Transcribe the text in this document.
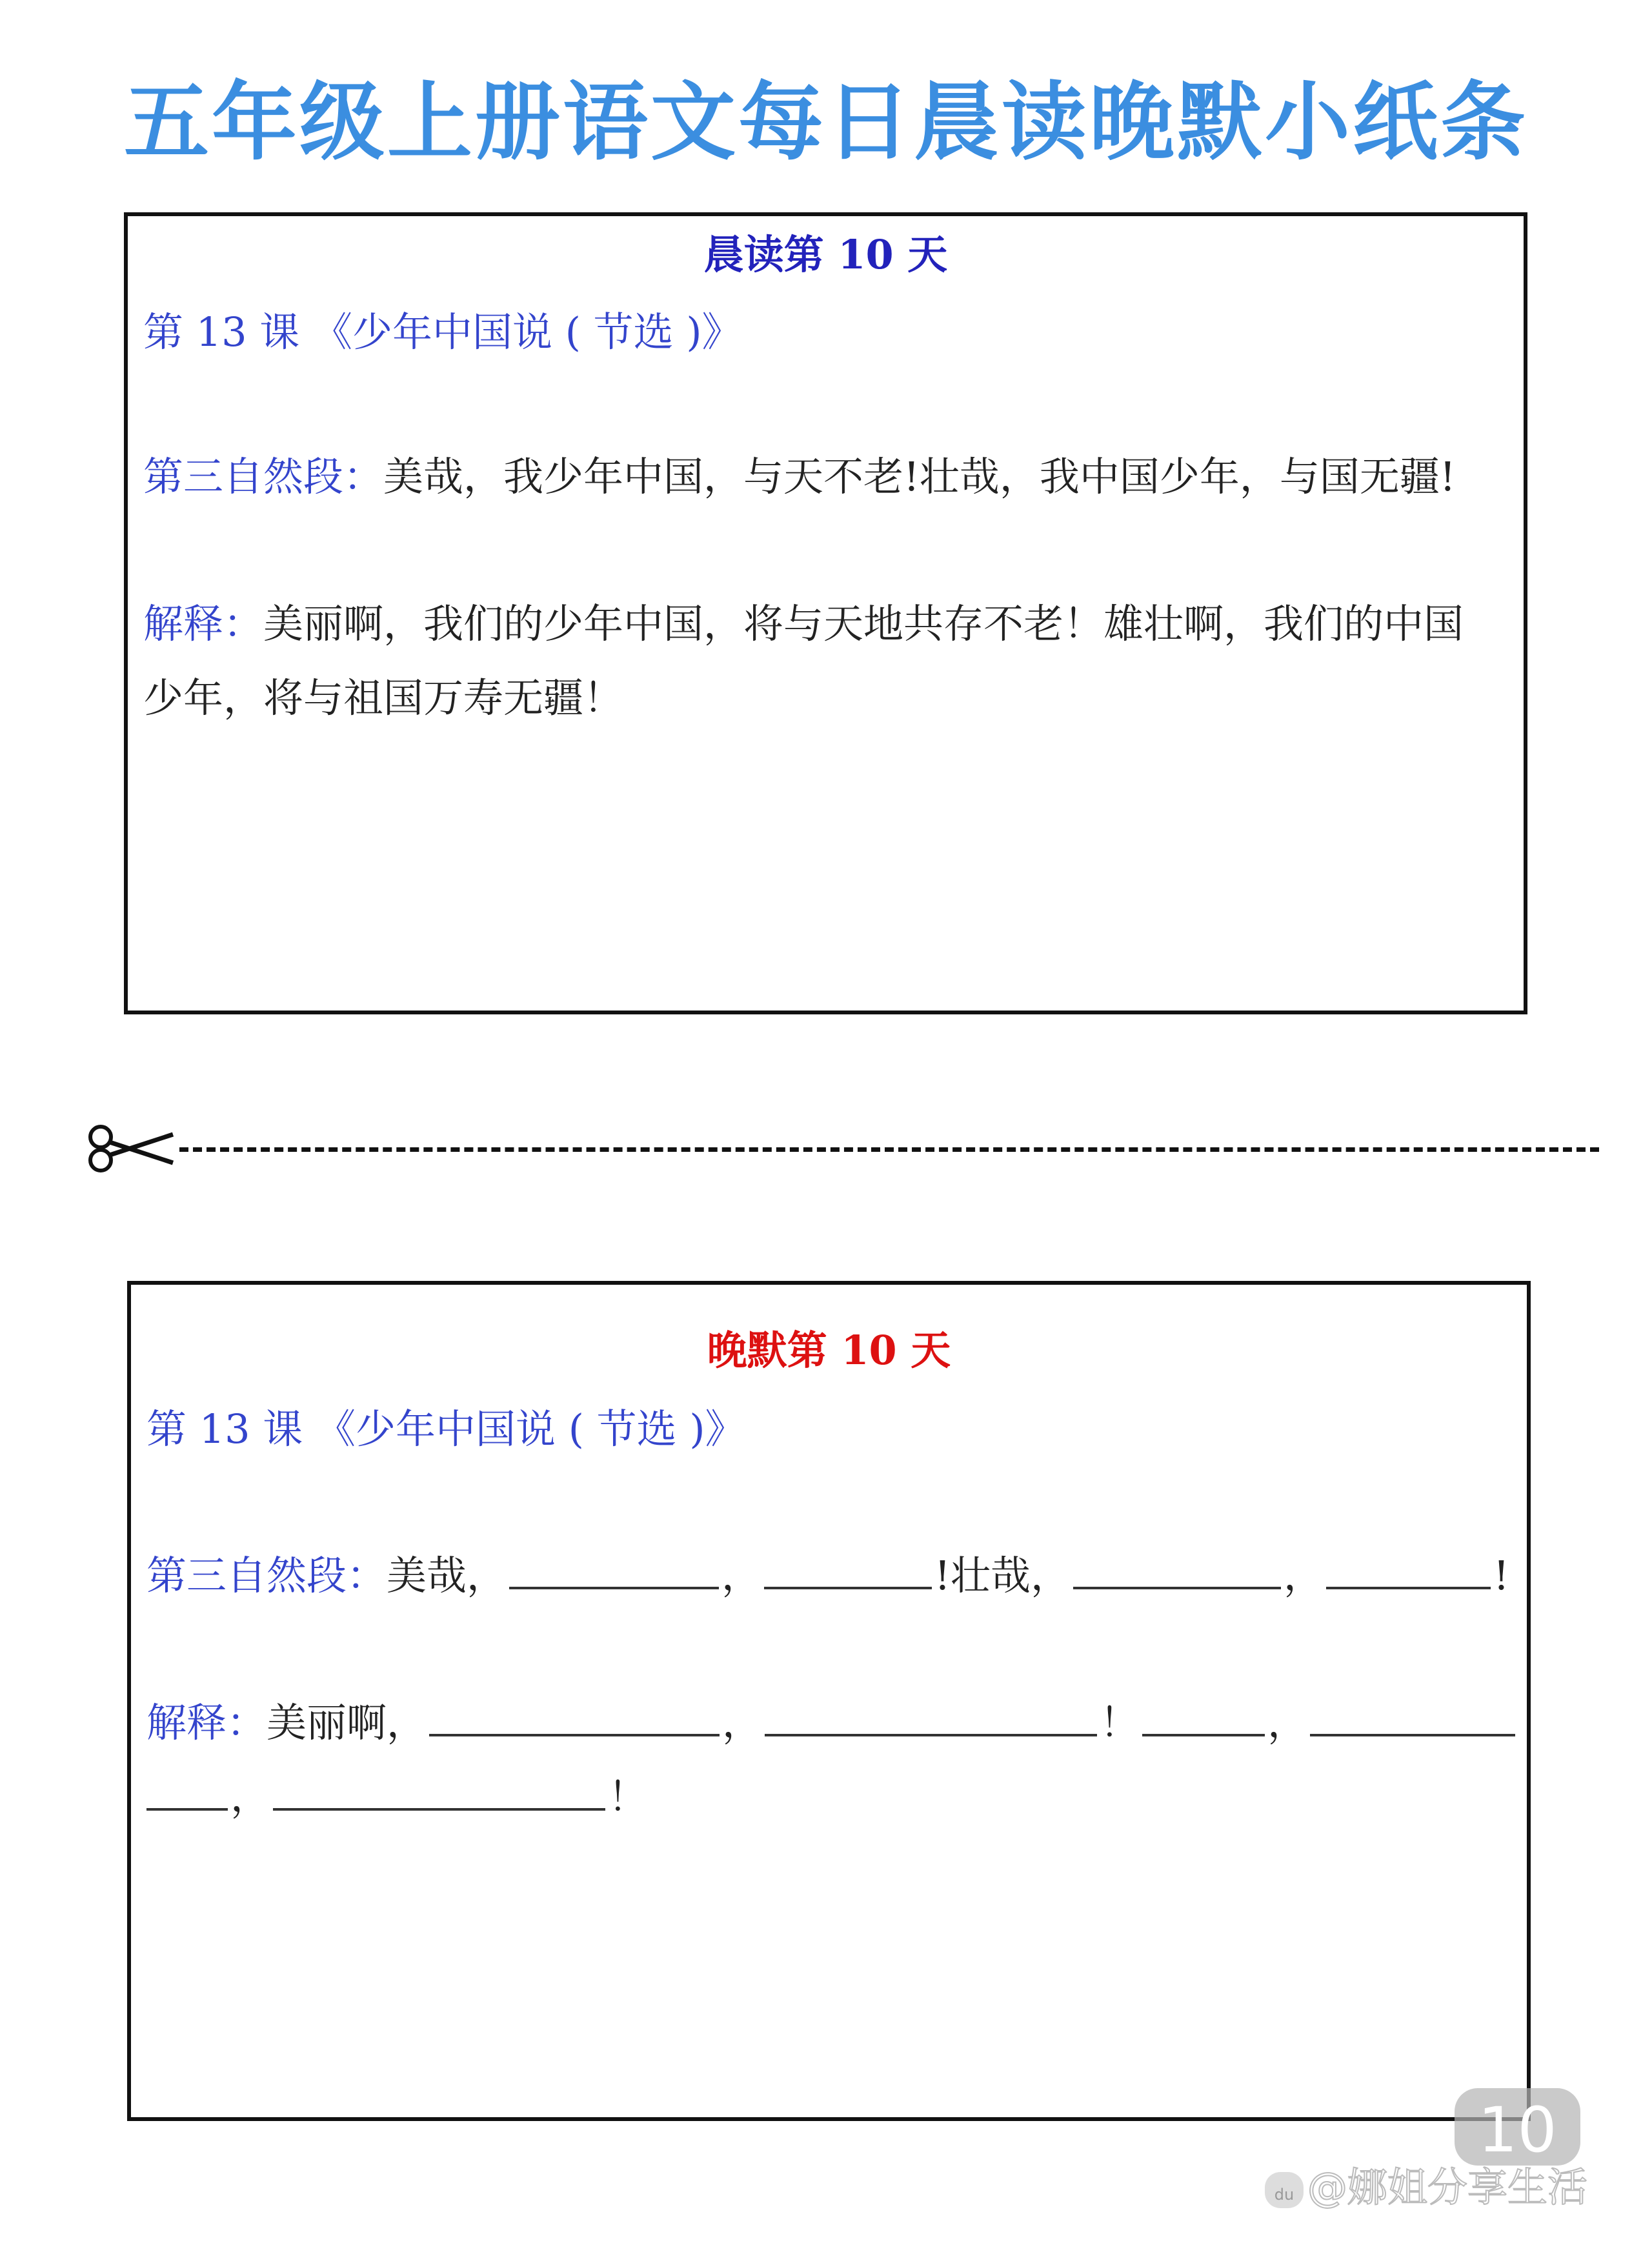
五年级上册语文每日晨读晚默小纸条
晨读第 10 天
第 13 课 《少年中国说 ( 节选 )》
第三自然段：美哉，我少年中国，与天不老!壮哉，我中国少年，与国无疆!
解释：美丽啊，我们的少年中国，将与天地共存不老！雄壮啊，我们的中国
少年，将与祖国万寿无疆！
晚默第 10 天
第 13 课 《少年中国说 ( 节选 )》
第三自然段：美哉，	，	!壮哉，	，	!
解释：美丽啊，	，	！	，
，	！
10
du @娜姐分享生活
